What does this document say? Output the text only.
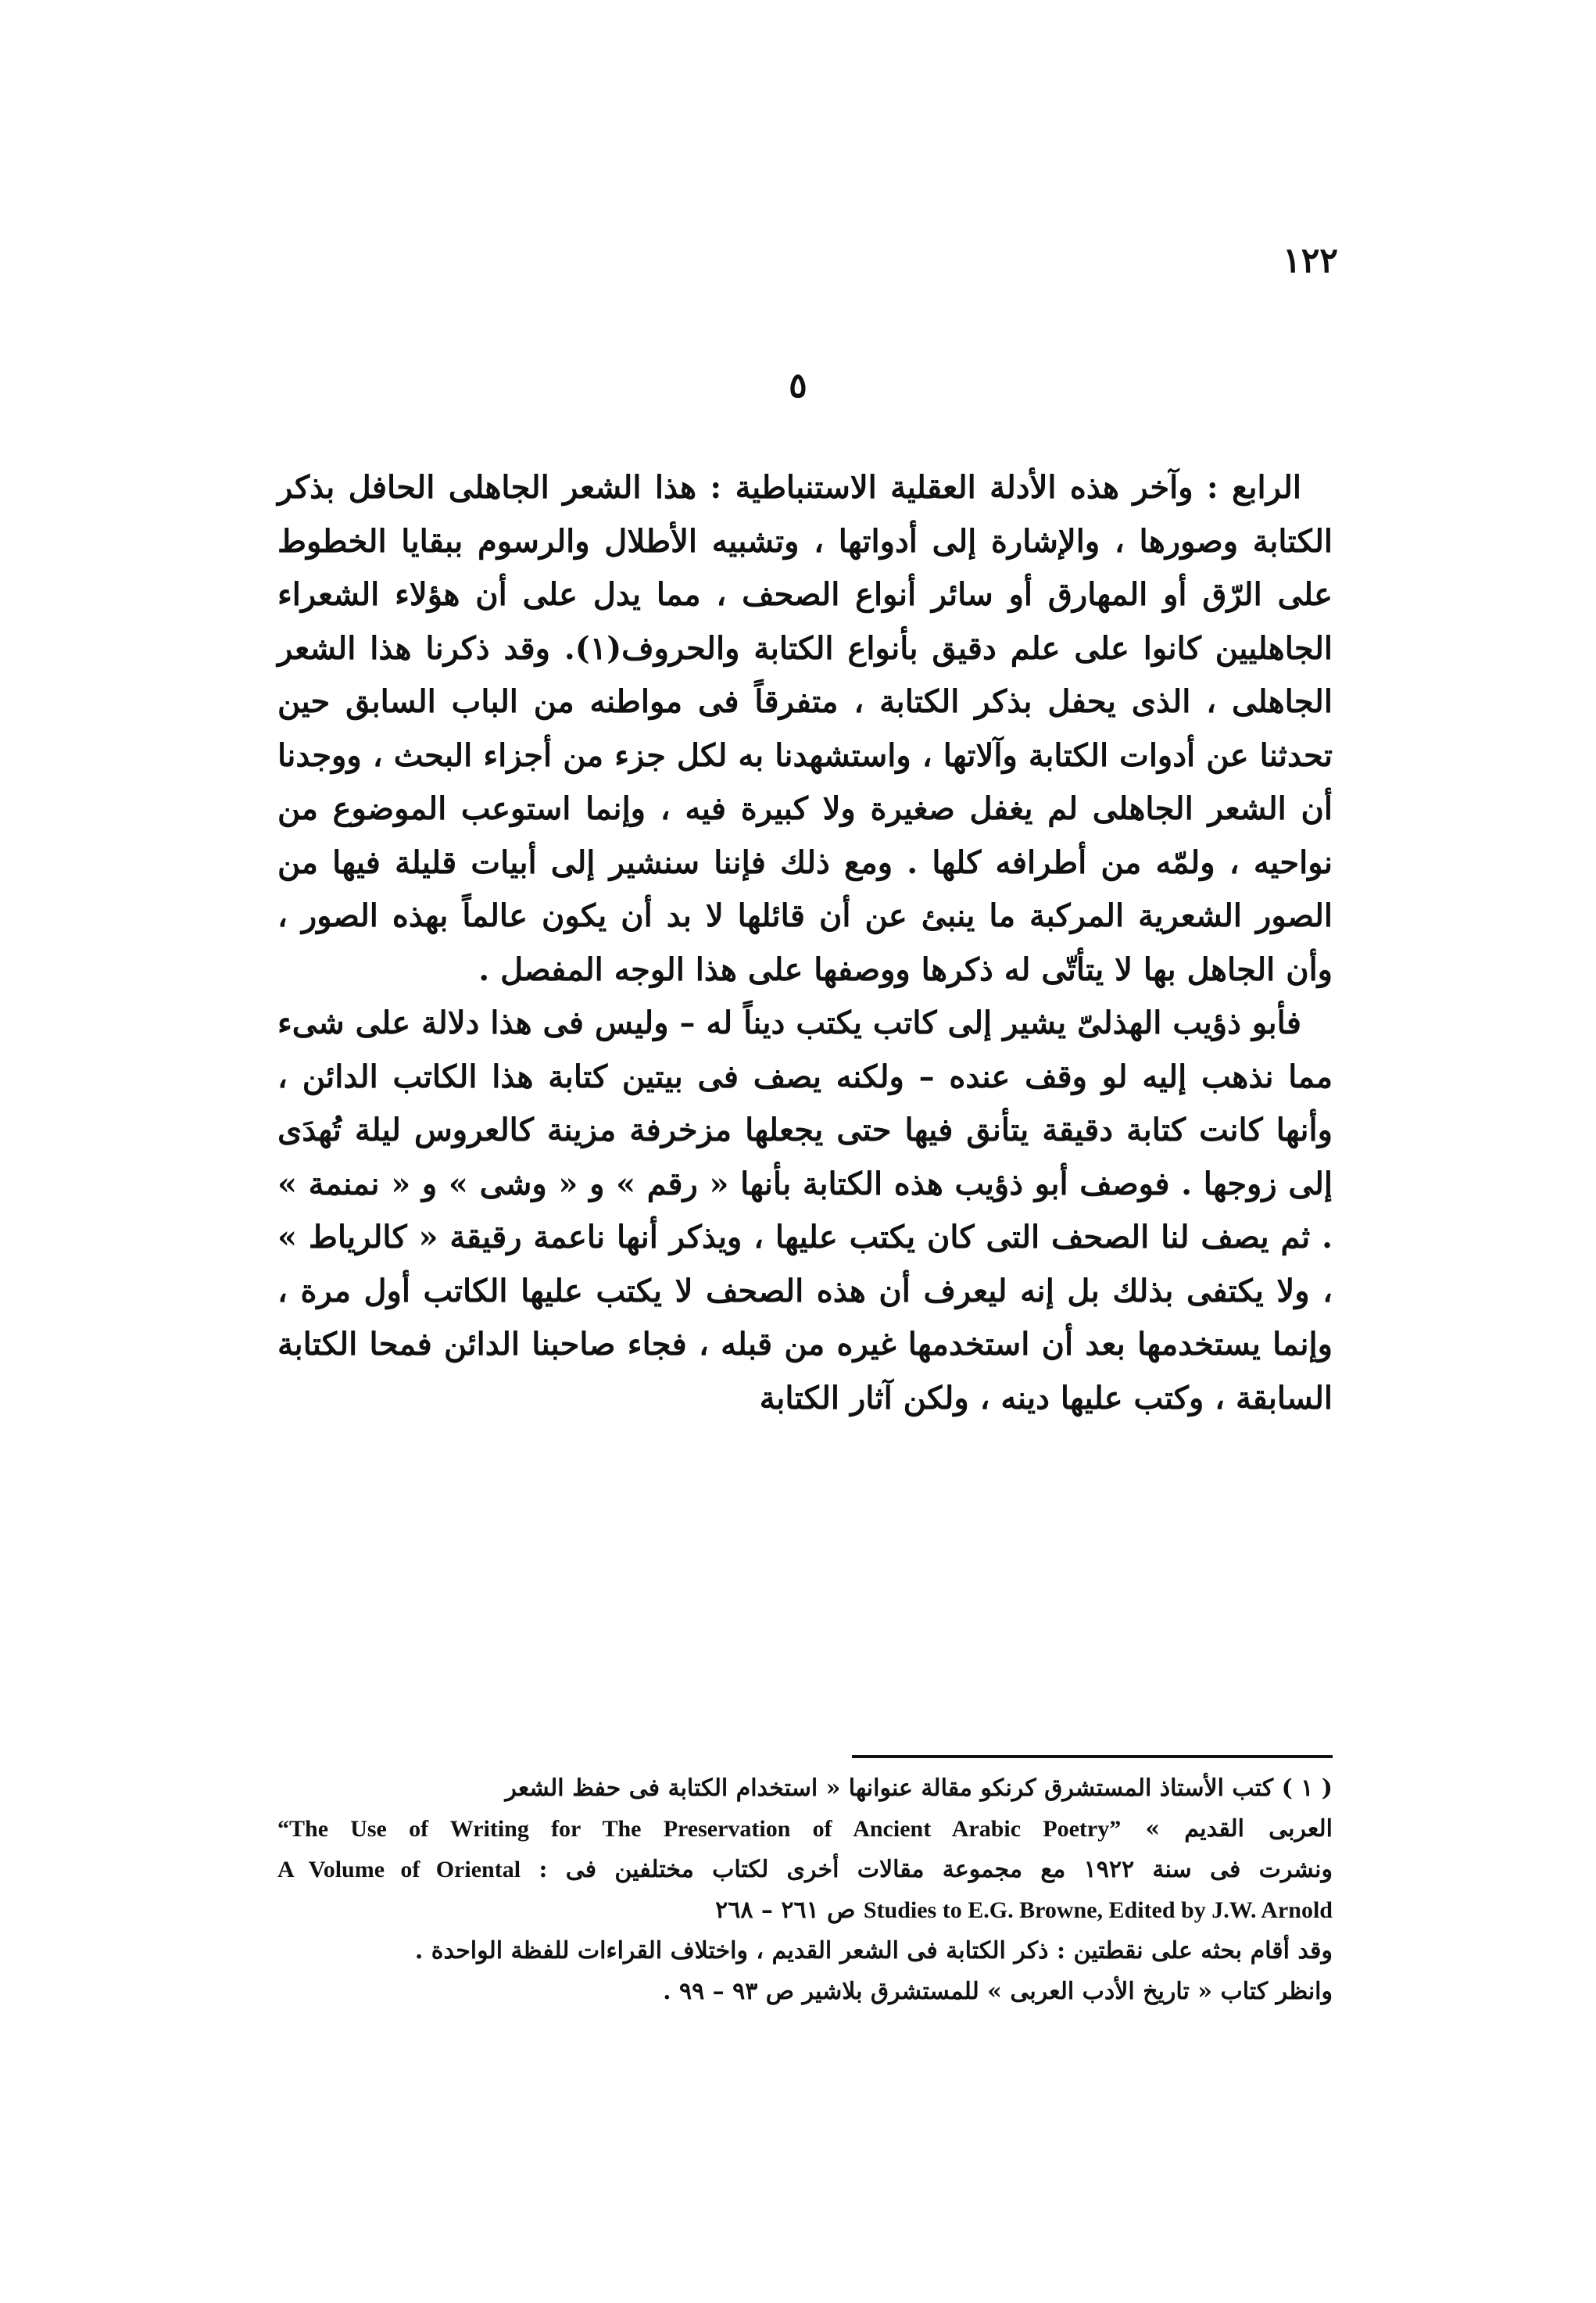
١٢٢
٥

الرابع : وآخر هذه الأدلة العقلية الاستنباطية : هذا الشعر الجاهلى الحافل بذكر الكتابة وصورها ، والإشارة إلى أدواتها ، وتشبيه الأطلال والرسوم ببقايا الخطوط على الرّق أو المهارق أو سائر أنواع الصحف ، مما يدل على أن هؤلاء الشعراء الجاهليين كانوا على علم دقيق بأنواع الكتابة والحروف(١). وقد ذكرنا هذا الشعر الجاهلى ، الذى يحفل بذكر الكتابة ، متفرقاً فى مواطنه من الباب السابق حين تحدثنا عن أدوات الكتابة وآلاتها ، واستشهدنا به لكل جزء من أجزاء البحث ، ووجدنا أن الشعر الجاهلى لم يغفل صغيرة ولا كبيرة فيه ، وإنما استوعب الموضوع من نواحيه ، ولمّه من أطرافه كلها . ومع ذلك فإننا سنشير إلى أبيات قليلة فيها من الصور الشعرية المركبة ما ينبئ عن أن قائلها لا بد أن يكون عالماً بهذه الصور ، وأن الجاهل بها لا يتأتّى له ذكرها ووصفها على هذا الوجه المفصل .

فأبو ذؤيب الهذلىّ يشير إلى كاتب يكتب ديناً له – وليس فى هذا دلالة على شىء مما نذهب إليه لو وقف عنده – ولكنه يصف فى بيتين كتابة هذا الكاتب الدائن ، وأنها كانت كتابة دقيقة يتأنق فيها حتى يجعلها مزخرفة مزينة كالعروس ليلة تُهدَى إلى زوجها . فوصف أبو ذؤيب هذه الكتابة بأنها « رقم » و « وشى » و « نمنمة » . ثم يصف لنا الصحف التى كان يكتب عليها ، ويذكر أنها ناعمة رقيقة « كالرياط » ، ولا يكتفى بذلك بل إنه ليعرف أن هذه الصحف لا يكتب عليها الكاتب أول مرة ، وإنما يستخدمها بعد أن استخدمها غيره من قبله ، فجاء صاحبنا الدائن فمحا الكتابة السابقة ، وكتب عليها دينه ، ولكن آثار الكتابة

( ١ ) كتب الأستاذ المستشرق كرنكو مقالة عنوانها « استخدام الكتابة فى حفظ الشعر
العربى القديم » “The Use of Writing for The Preservation of Ancient Arabic Poetry”
ونشرت فى سنة ١٩٢٢ مع مجموعة مقالات أخرى لكتاب مختلفين فى : A Volume of Oriental
Studies to E.G. Browne, Edited by J.W. Arnold ص ٢٦١ – ٢٦٨
وقد أقام بحثه على نقطتين : ذكر الكتابة فى الشعر القديم ، واختلاف القراءات للفظة الواحدة .
وانظر كتاب « تاريخ الأدب العربى » للمستشرق بلاشير ص ٩٣ – ٩٩ .
